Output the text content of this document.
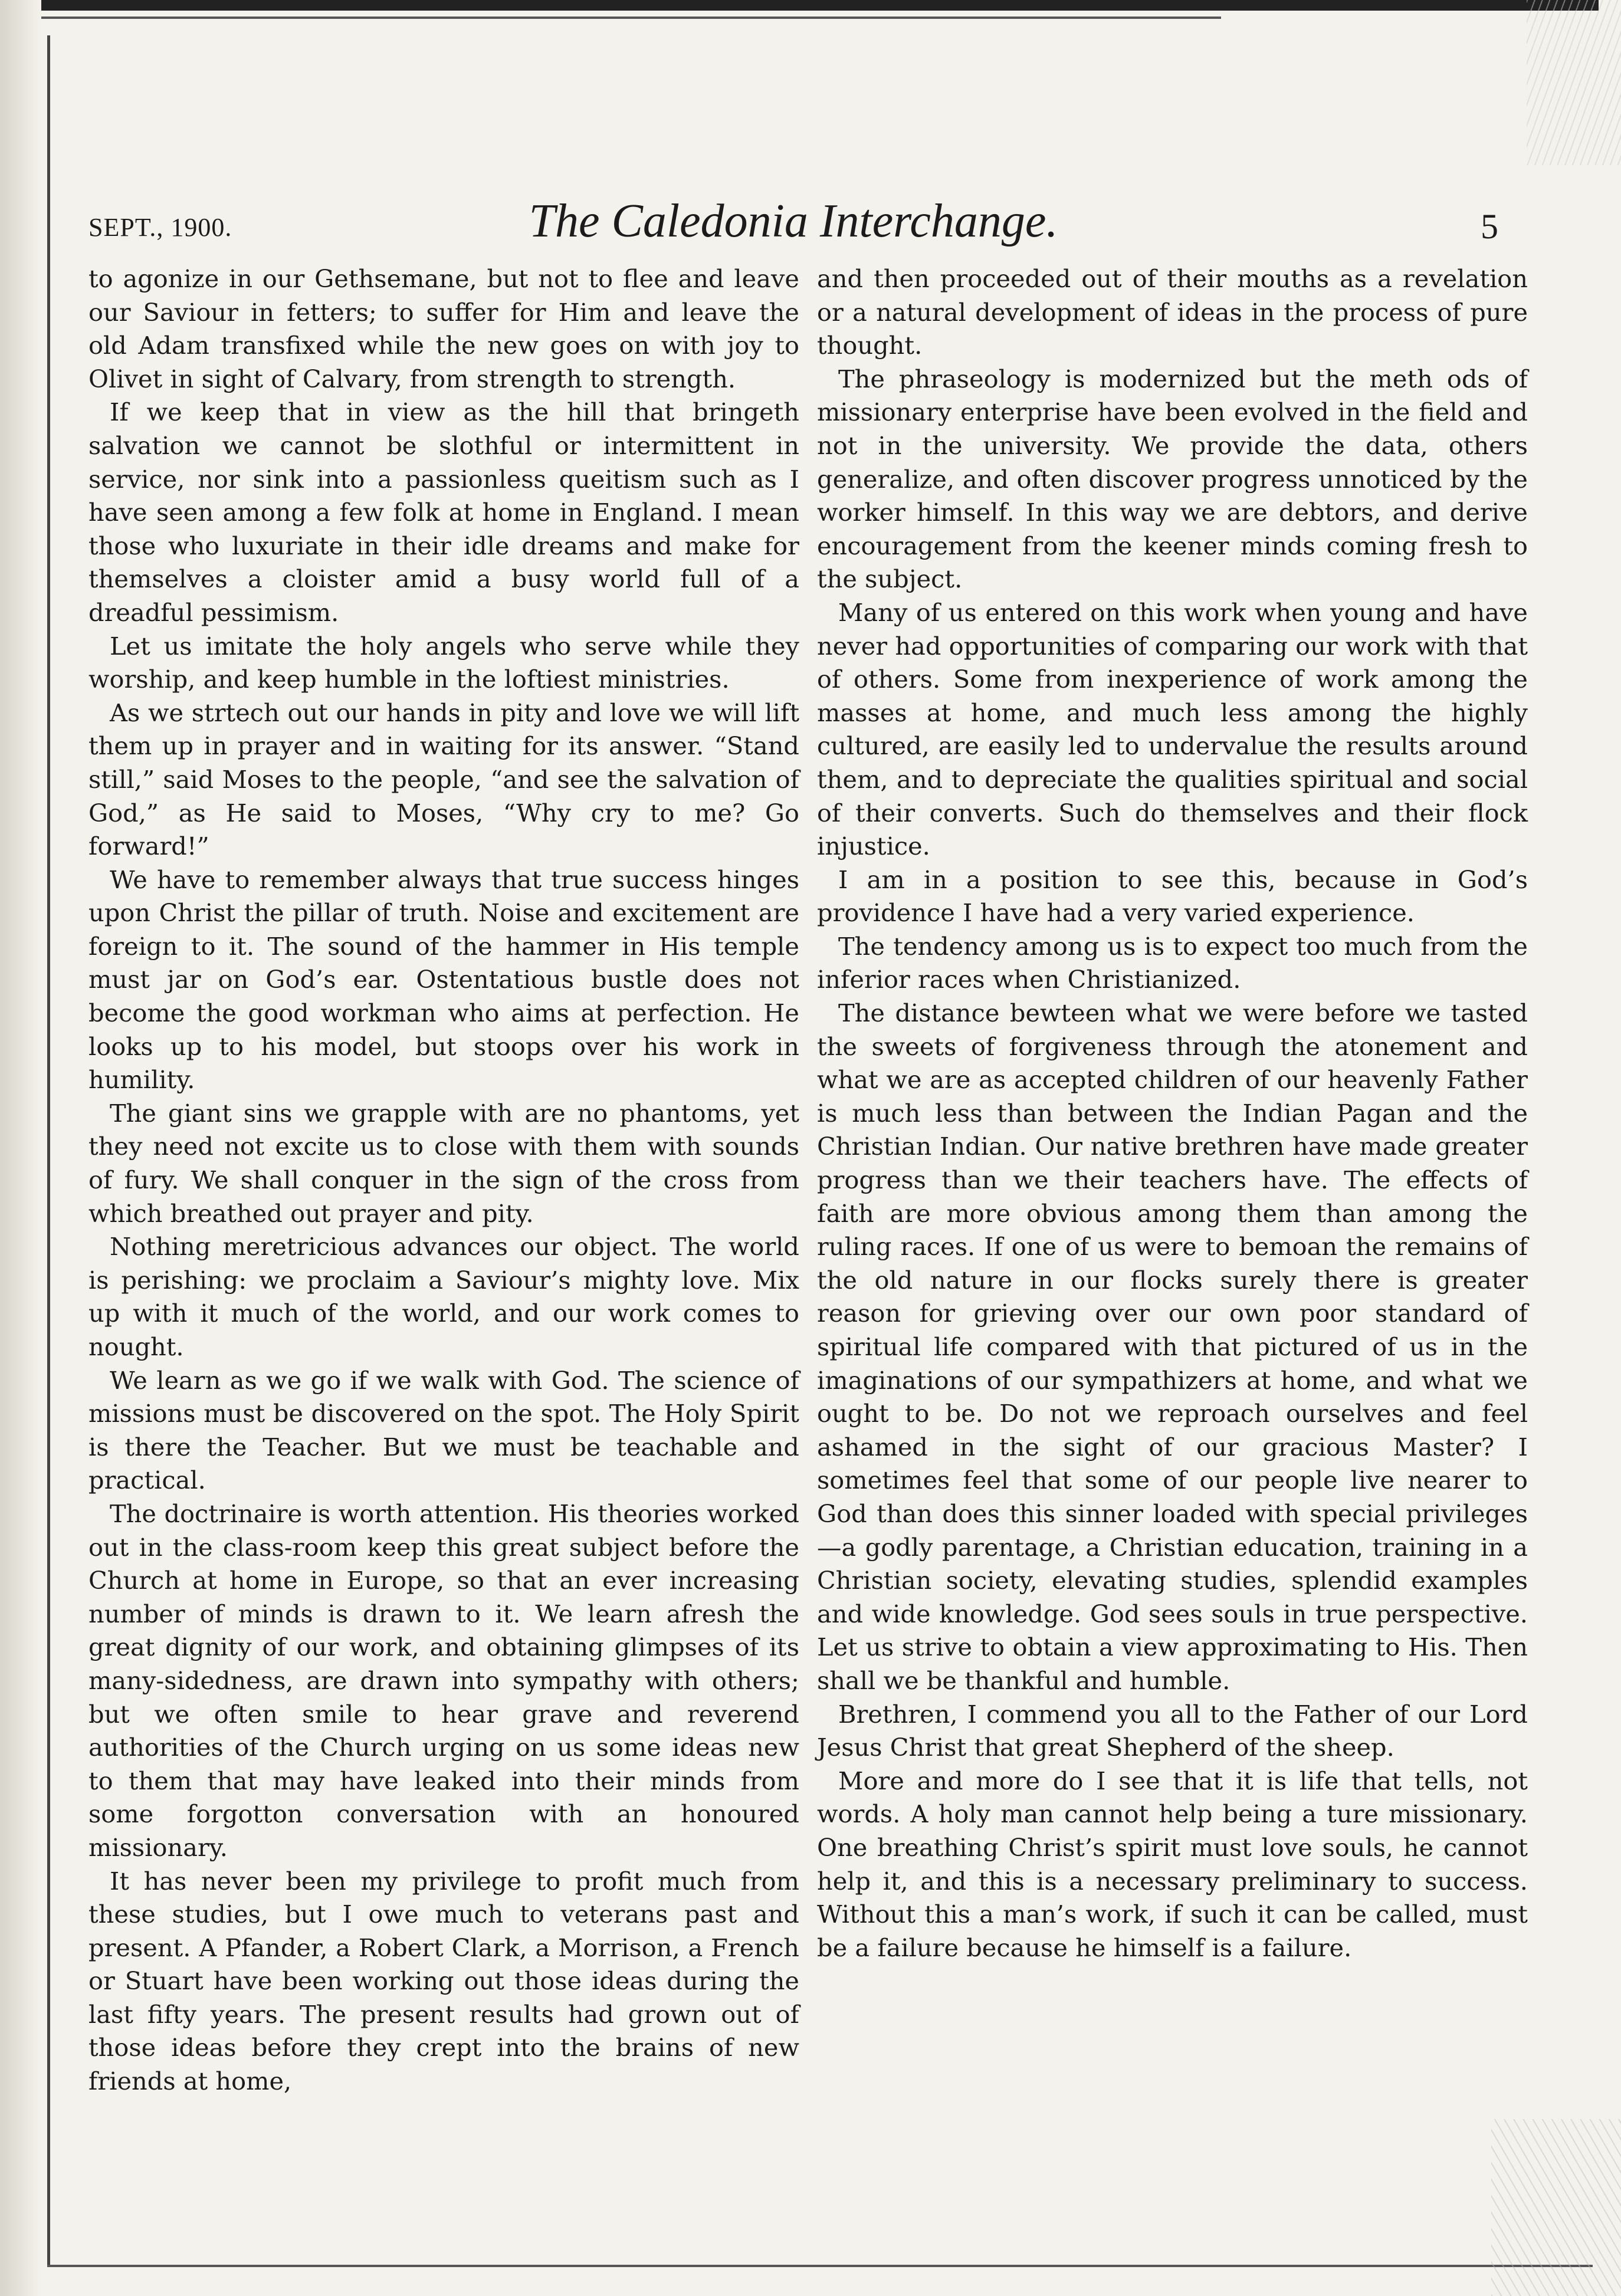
SEPT., 1900.	The Caledonia Interchange.	5

to agonize in our Gethsemane, but not to flee and leave our Saviour in fetters; to suffer for Him and leave the old Adam transfixed while the new goes on with joy to Olivet in sight of Calvary, from strength to strength.

If we keep that in view as the hill that bringeth salvation we cannot be slothful or intermittent in service, nor sink into a passionless queitism such as I have seen among a few folk at home in England. I mean those who luxuriate in their idle dreams and make for themselves a cloister amid a busy world full of a dreadful pessimism.

Let us imitate the holy angels who serve while they worship, and keep humble in the loftiest ministries.

As we strtech out our hands in pity and love we will lift them up in prayer and in waiting for its answer. “Stand still,” said Moses to the people, “and see the salvation of God,” as He said to Moses, “Why cry to me? Go forward!”

We have to remember always that true success hinges upon Christ the pillar of truth. Noise and excitement are foreign to it. The sound of the hammer in His temple must jar on God’s ear. Ostentatious bustle does not become the good workman who aims at perfection. He looks up to his model, but stoops over his work in humility.

The giant sins we grapple with are no phantoms, yet they need not excite us to close with them with sounds of fury. We shall conquer in the sign of the cross from which breathed out prayer and pity.

Nothing meretricious advances our object. The world is perishing: we proclaim a Saviour’s mighty love. Mix up with it much of the world, and our work comes to nought.

We learn as we go if we walk with God. The science of missions must be discovered on the spot. The Holy Spirit is there the Teacher. But we must be teachable and practical.

The doctrinaire is worth attention. His theories worked out in the class-room keep this great subject before the Church at home in Europe, so that an ever increasing number of minds is drawn to it. We learn afresh the great dignity of our work, and obtaining glimpses of its many-sidedness, are drawn into sympathy with others; but we often smile to hear grave and reverend authorities of the Church urging on us some ideas new to them that may have leaked into their minds from some forgotton conversation with an honoured missionary.

It has never been my privilege to profit much from these studies, but I owe much to veterans past and present. A Pfander, a Robert Clark, a Morrison, a French or Stuart have been working out those ideas during the last fifty years. The present results had grown out of those ideas before they crept into the brains of new friends at home,

and then proceeded out of their mouths as a revelation or a natural development of ideas in the process of pure thought.

The phraseology is modernized but the meth ods of missionary enterprise have been evolved in the field and not in the university. We provide the data, others generalize, and often discover progress unnoticed by the worker himself. In this way we are debtors, and derive encouragement from the keener minds coming fresh to the subject.

Many of us entered on this work when young and have never had opportunities of comparing our work with that of others. Some from inexperience of work among the masses at home, and much less among the highly cultured, are easily led to undervalue the results around them, and to depreciate the qualities spiritual and social of their converts. Such do themselves and their flock injustice.

I am in a position to see this, because in God’s providence I have had a very varied experience.

The tendency among us is to expect too much from the inferior races when Christianized.

The distance bewteen what we were before we tasted the sweets of forgiveness through the atonement and what we are as accepted children of our heavenly Father is much less than between the Indian Pagan and the Christian Indian. Our native brethren have made greater progress than we their teachers have. The effects of faith are more obvious among them than among the ruling races. If one of us were to bemoan the remains of the old nature in our flocks surely there is greater reason for grieving over our own poor standard of spiritual life compared with that pictured of us in the imaginations of our sympathizers at home, and what we ought to be. Do not we reproach ourselves and feel ashamed in the sight of our gracious Master? I sometimes feel that some of our people live nearer to God than does this sinner loaded with special privileges—a godly parentage, a Christian education, training in a Christian society, elevating studies, splendid examples and wide knowledge. God sees souls in true perspective. Let us strive to obtain a view approximating to His. Then shall we be thankful and humble.

Brethren, I commend you all to the Father of our Lord Jesus Christ that great Shepherd of the sheep.

More and more do I see that it is life that tells, not words. A holy man cannot help being a ture missionary. One breathing Christ’s spirit must love souls, he cannot help it, and this is a necessary preliminary to success. Without this a man’s work, if such it can be called, must be a failure because he himself is a failure.
